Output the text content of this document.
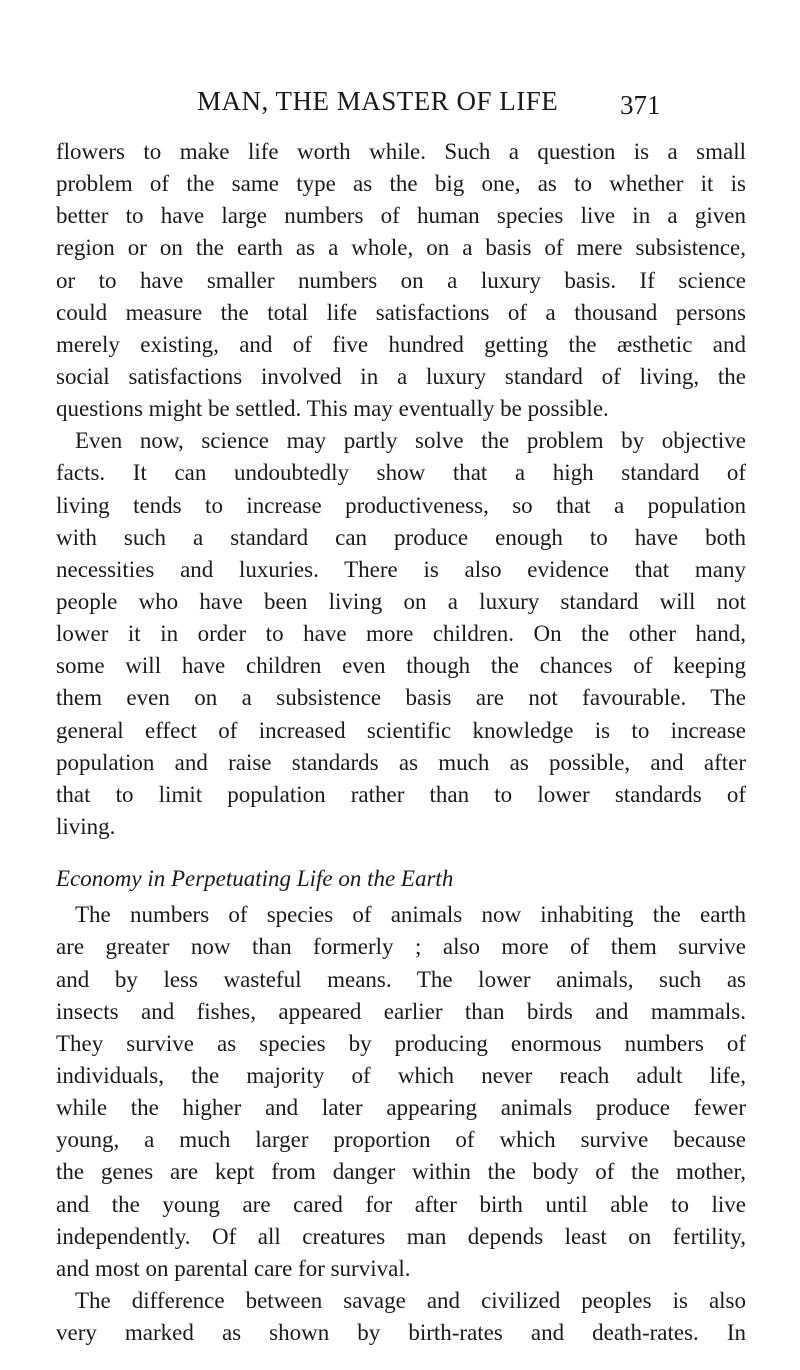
MAN, THE MASTER OF LIFE 371
flowers to make life worth while. Such a question is a small
problem of the same type as the big one, as to whether it is
better to have large numbers of human species live in a given
region or on the earth as a whole, on a basis of mere subsistence,
or to have smaller numbers on a luxury basis. If science
could measure the total life satisfactions of a thousand persons
merely existing, and of five hundred getting the æsthetic and
social satisfactions involved in a luxury standard of living, the
questions might be settled. This may eventually be possible.
Even now, science may partly solve the problem by objective
facts. It can undoubtedly show that a high standard of
living tends to increase productiveness, so that a population
with such a standard can produce enough to have both
necessities and luxuries. There is also evidence that many
people who have been living on a luxury standard will not
lower it in order to have more children. On the other hand,
some will have children even though the chances of keeping
them even on a subsistence basis are not favourable. The
general effect of increased scientific knowledge is to increase
population and raise standards as much as possible, and after
that to limit population rather than to lower standards of
living.
Economy in Perpetuating Life on the Earth
The numbers of species of animals now inhabiting the earth
are greater now than formerly ; also more of them survive
and by less wasteful means. The lower animals, such as
insects and fishes, appeared earlier than birds and mammals.
They survive as species by producing enormous numbers of
individuals, the majority of which never reach adult life,
while the higher and later appearing animals produce fewer
young, a much larger proportion of which survive because
the genes are kept from danger within the body of the mother,
and the young are cared for after birth until able to live
independently. Of all creatures man depends least on fertility,
and most on parental care for survival.
The difference between savage and civilized peoples is also
very marked as shown by birth-rates and death-rates. In
